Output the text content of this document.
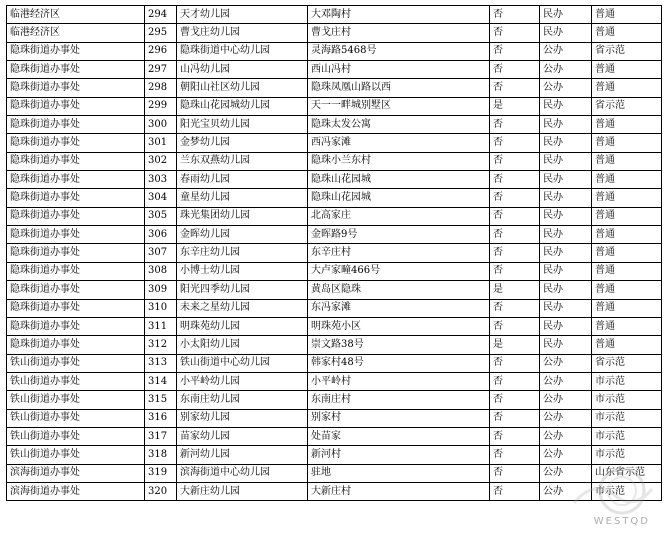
临港经济区	294	天才幼儿园	大邓陶村	否	民办	普通
临港经济区	295	曹戈庄幼儿园	曹戈庄村	否	民办	普通
隐珠街道办事处	296	隐珠街道中心幼儿园	灵海路5468号	否	公办	省示范
隐珠街道办事处	297	山冯幼儿园	西山冯村	否	公办	普通
隐珠街道办事处	298	朝阳山社区幼儿园	隐珠凤凰山路以西	否	公办	普通
隐珠街道办事处	299	隐珠山花园城幼儿园	天一一畔城别墅区	是	民办	省示范
隐珠街道办事处	300	阳光宝贝幼儿园	隐珠太发公寓	否	民办	普通
隐珠街道办事处	301	金梦幼儿园	西冯家滩	否	民办	普通
隐珠街道办事处	302	兰东双燕幼儿园	隐珠小兰东村	否	民办	普通
隐珠街道办事处	303	春雨幼儿园	隐珠山花园城	否	民办	普通
隐珠街道办事处	304	童星幼儿园	隐珠山花园城	否	民办	普通
隐珠街道办事处	305	珠光集团幼儿园	北高家庄	否	民办	普通
隐珠街道办事处	306	金晖幼儿园	金晖路9号	否	民办	普通
隐珠街道办事处	307	东辛庄幼儿园	东辛庄村	否	民办	普通
隐珠街道办事处	308	小博士幼儿园	大卢家疃466号	否	民办	普通
隐珠街道办事处	309	阳光四季幼儿园	黄岛区隐珠	是	民办	普通
隐珠街道办事处	310	未来之星幼儿园	东冯家滩	否	民办	普通
隐珠街道办事处	311	明珠苑幼儿园	明珠苑小区	否	民办	普通
隐珠街道办事处	312	小太阳幼儿园	崇文路38号	是	民办	普通
铁山街道办事处	313	铁山街道中心幼儿园	韩家村48号	否	公办	省示范
铁山街道办事处	314	小平岭幼儿园	小平岭村	否	公办	市示范
铁山街道办事处	315	东南庄幼儿园	东南庄村	否	公办	市示范
铁山街道办事处	316	别家幼儿园	别家村	否	公办	市示范
铁山街道办事处	317	苗家幼儿园	处苗家	否	公办	市示范
铁山街道办事处	318	新河幼儿园	新河村	否	公办	市示范
滨海街道办事处	319	滨海街道中心幼儿园	驻地	否	公办	山东省示范
滨海街道办事处	320	大新庄幼儿园	大新庄村	否	公办	市示范
WESTQD
